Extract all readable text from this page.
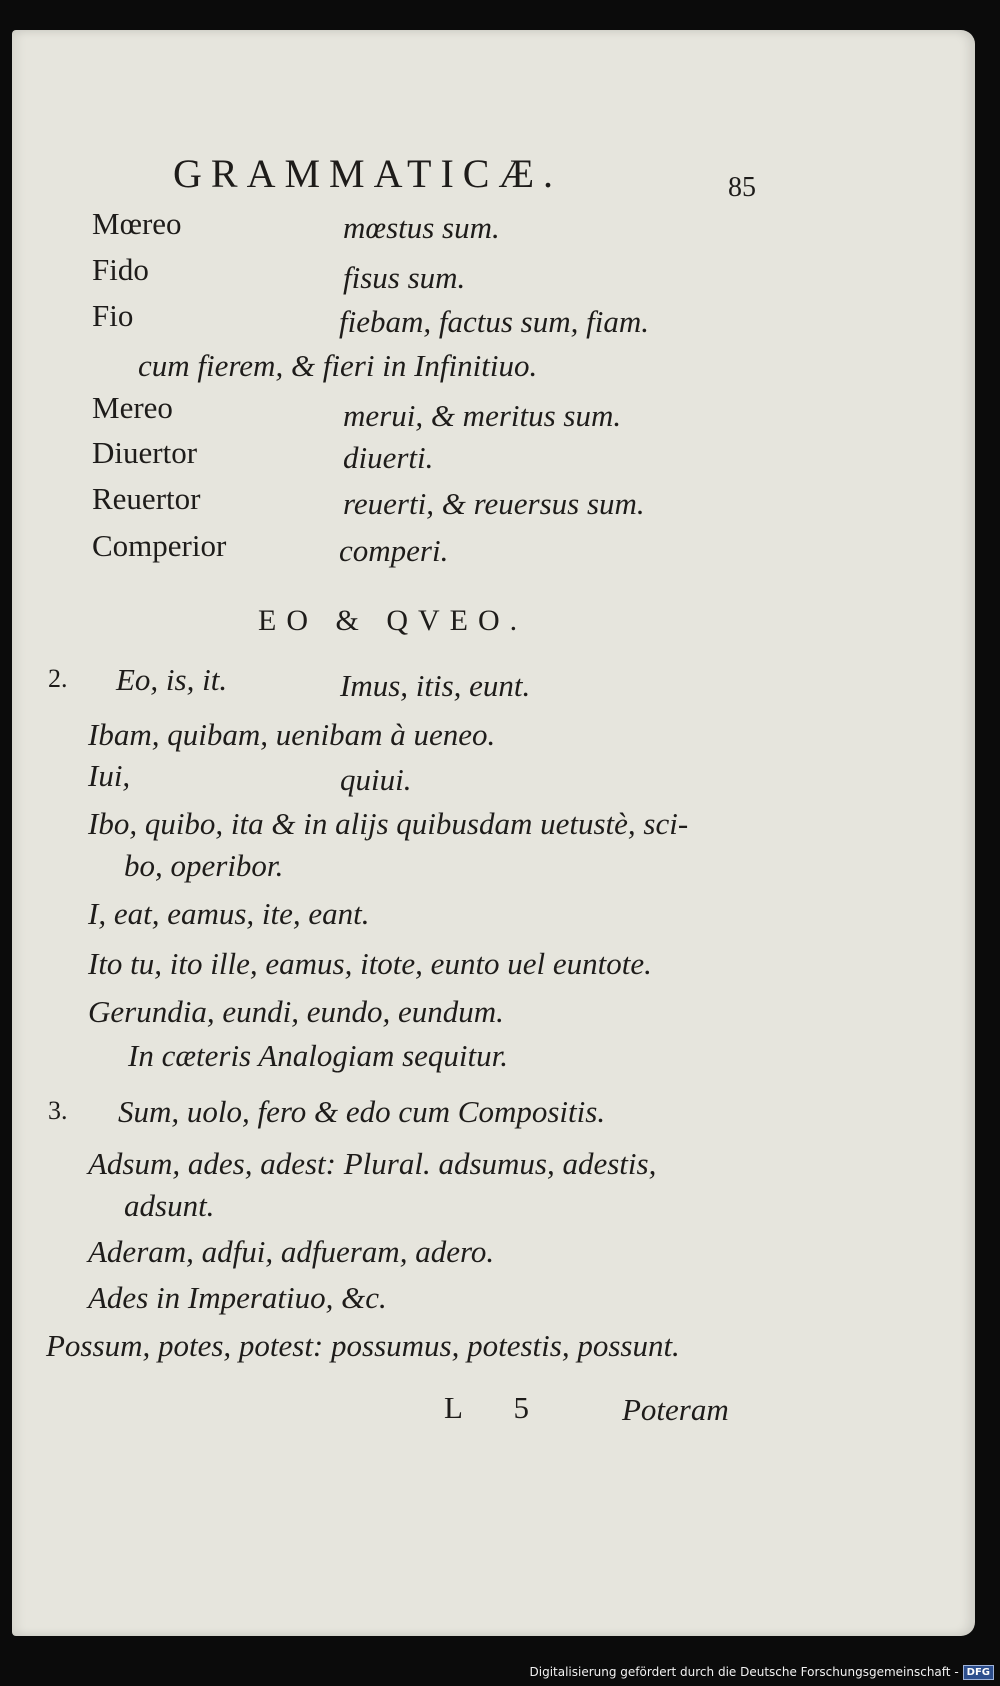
GRAMMATICÆ.	85
Mœreo	mœstus sum.
Fido	fisus sum.
Fio	fiebam, factus sum, fiam.
cum fierem, & fieri in Infinitiuo.
Mereo	merui, & meritus sum.
Diuertor	diuerti.
Reuertor	reuerti, & reuersus sum.
Comperior	comperi.
EO & QVEO.
2. Eo, is, it.	Imus, itis, eunt.
Ibam, quibam, uenibam à ueneo.
Iui,	quiui.
Ibo, quibo, ita & in alijs quibusdam uetustè, sci-
bo, operibor.
I, eat, eamus, ite, eant.
Ito tu, ito ille, eamus, itote, eunto uel euntote.
Gerundia, eundi, eundo, eundum.
In cæteris Analogiam sequitur.
3. Sum, uolo, fero & edo cum Compositis.
Adsum, ades, adest: Plural. adsumus, adestis,
adsunt.
Aderam, adfui, adfueram, adero.
Ades in Imperatiuo, &c.
Possum, potes, potest: possumus, potestis, possunt.
L 5 Poteram
Digitalisierung gefördert durch die Deutsche Forschungsgemeinschaft - DFG
